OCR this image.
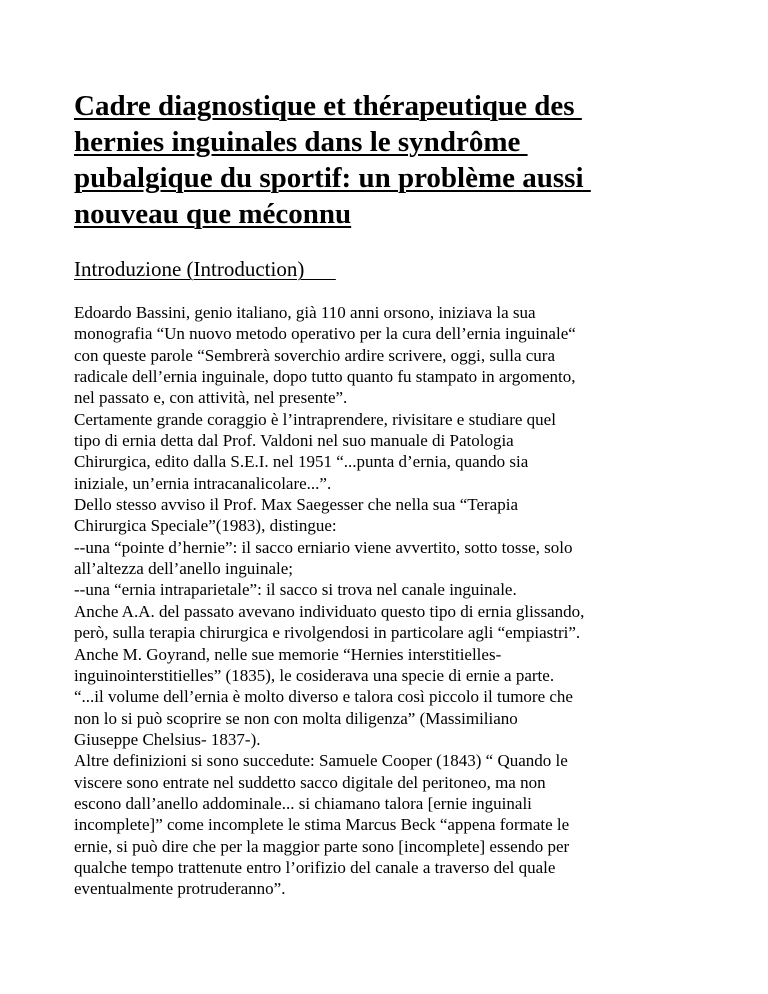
Cadre diagnostique et thérapeutique des
hernies inguinales dans le syndrôme
pubalgique du sportif: un problème aussi
nouveau que méconnu
Introduzione (Introduction)
Edoardo Bassini, genio italiano, già 110 anni orsono, iniziava la sua
monografia “Un nuovo metodo operativo per la cura dell’ernia inguinale“
con queste parole “Sembrerà soverchio ardire scrivere, oggi, sulla cura
radicale dell’ernia inguinale, dopo tutto quanto fu stampato in argomento,
nel passato e, con attività, nel presente”.
Certamente grande coraggio è l’intraprendere, rivisitare e studiare quel
tipo di ernia detta dal Prof. Valdoni nel suo manuale di Patologia
Chirurgica, edito dalla S.E.I. nel 1951 “...punta d’ernia, quando sia
iniziale, un’ernia intracanalicolare...”.
Dello stesso avviso il Prof. Max Saegesser che nella sua “Terapia
Chirurgica Speciale”(1983), distingue:
--una “pointe d’hernie”: il sacco erniario viene avvertito, sotto tosse, solo
all’altezza dell’anello inguinale;
--una “ernia intraparietale”: il sacco si trova nel canale inguinale.
Anche A.A. del passato avevano individuato questo tipo di ernia glissando,
però, sulla terapia chirurgica e rivolgendosi in particolare agli “empiastri”.
Anche M. Goyrand, nelle sue memorie “Hernies interstitielles-
inguinointerstitielles” (1835), le cosiderava una specie di ernie a parte.
“...il volume dell’ernia è molto diverso e talora così piccolo il tumore che
non lo si può scoprire se non con molta diligenza” (Massimiliano
Giuseppe Chelsius- 1837-).
Altre definizioni si sono succedute: Samuele Cooper (1843) “ Quando le
viscere sono entrate nel suddetto sacco digitale del peritoneo, ma non
escono dall’anello addominale... si chiamano talora [ernie inguinali
incomplete]” come incomplete le stima Marcus Beck “appena formate le
ernie, si può dire che per la maggior parte sono [incomplete] essendo per
qualche tempo trattenute entro l’orifizio del canale a traverso del quale
eventualmente protruderanno”.
